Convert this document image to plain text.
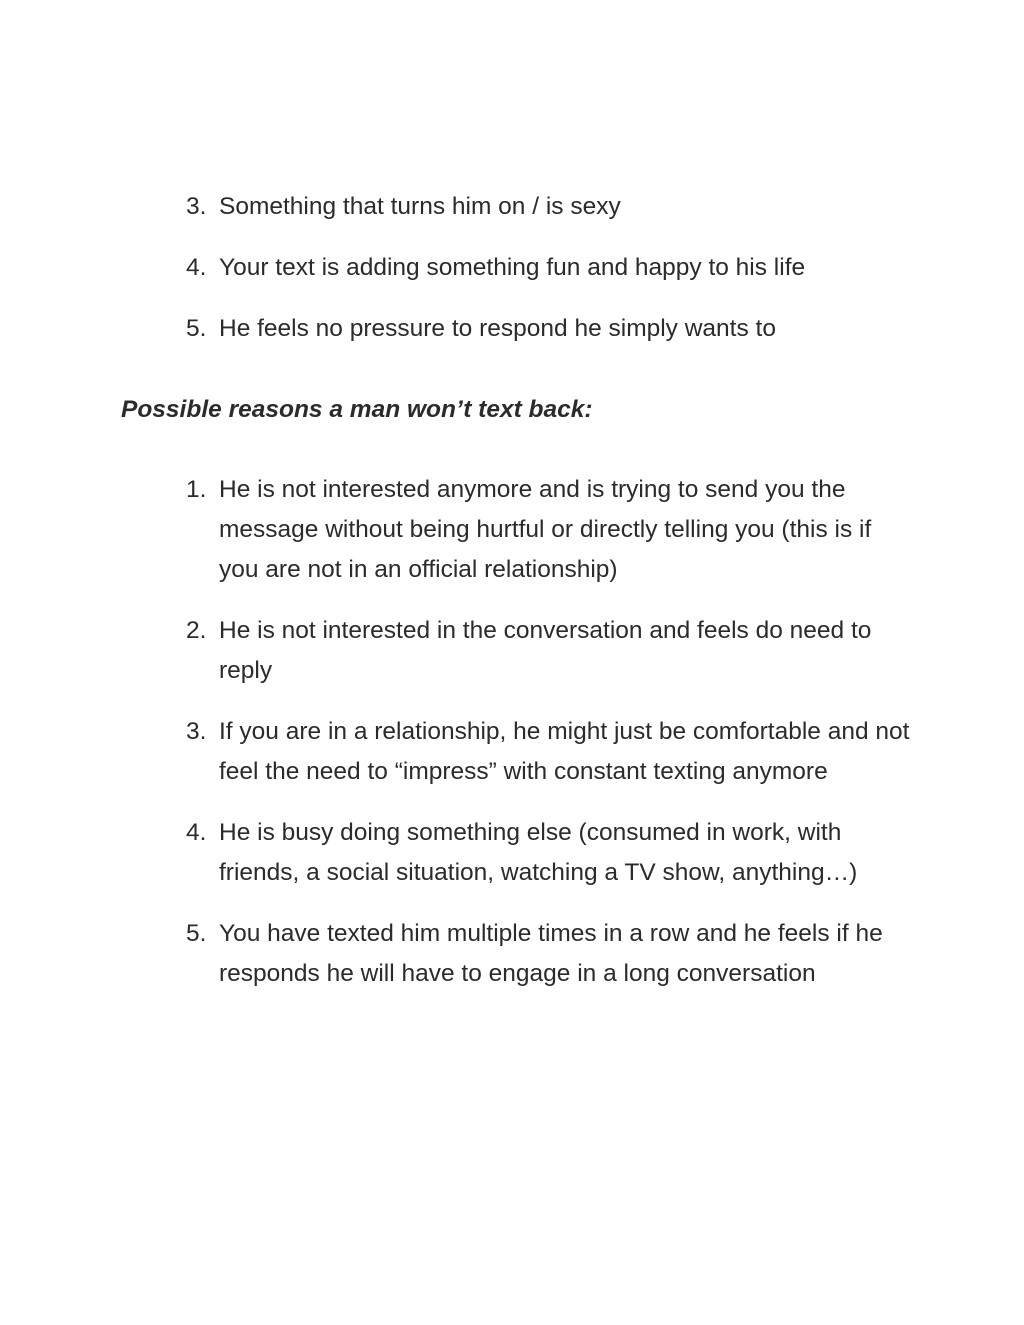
3. Something that turns him on / is sexy
4. Your text is adding something fun and happy to his life
5. He feels no pressure to respond he simply wants to
Possible reasons a man won’t text back:
1. He is not interested anymore and is trying to send you the message without being hurtful or directly telling you (this is if you are not in an official relationship)
2. He is not interested in the conversation and feels do need to reply
3. If you are in a relationship, he might just be comfortable and not feel the need to “impress” with constant texting anymore
4. He is busy doing something else (consumed in work, with friends, a social situation, watching a TV show, anything…)
5. You have texted him multiple times in a row and he feels if he responds he will have to engage in a long conversation
